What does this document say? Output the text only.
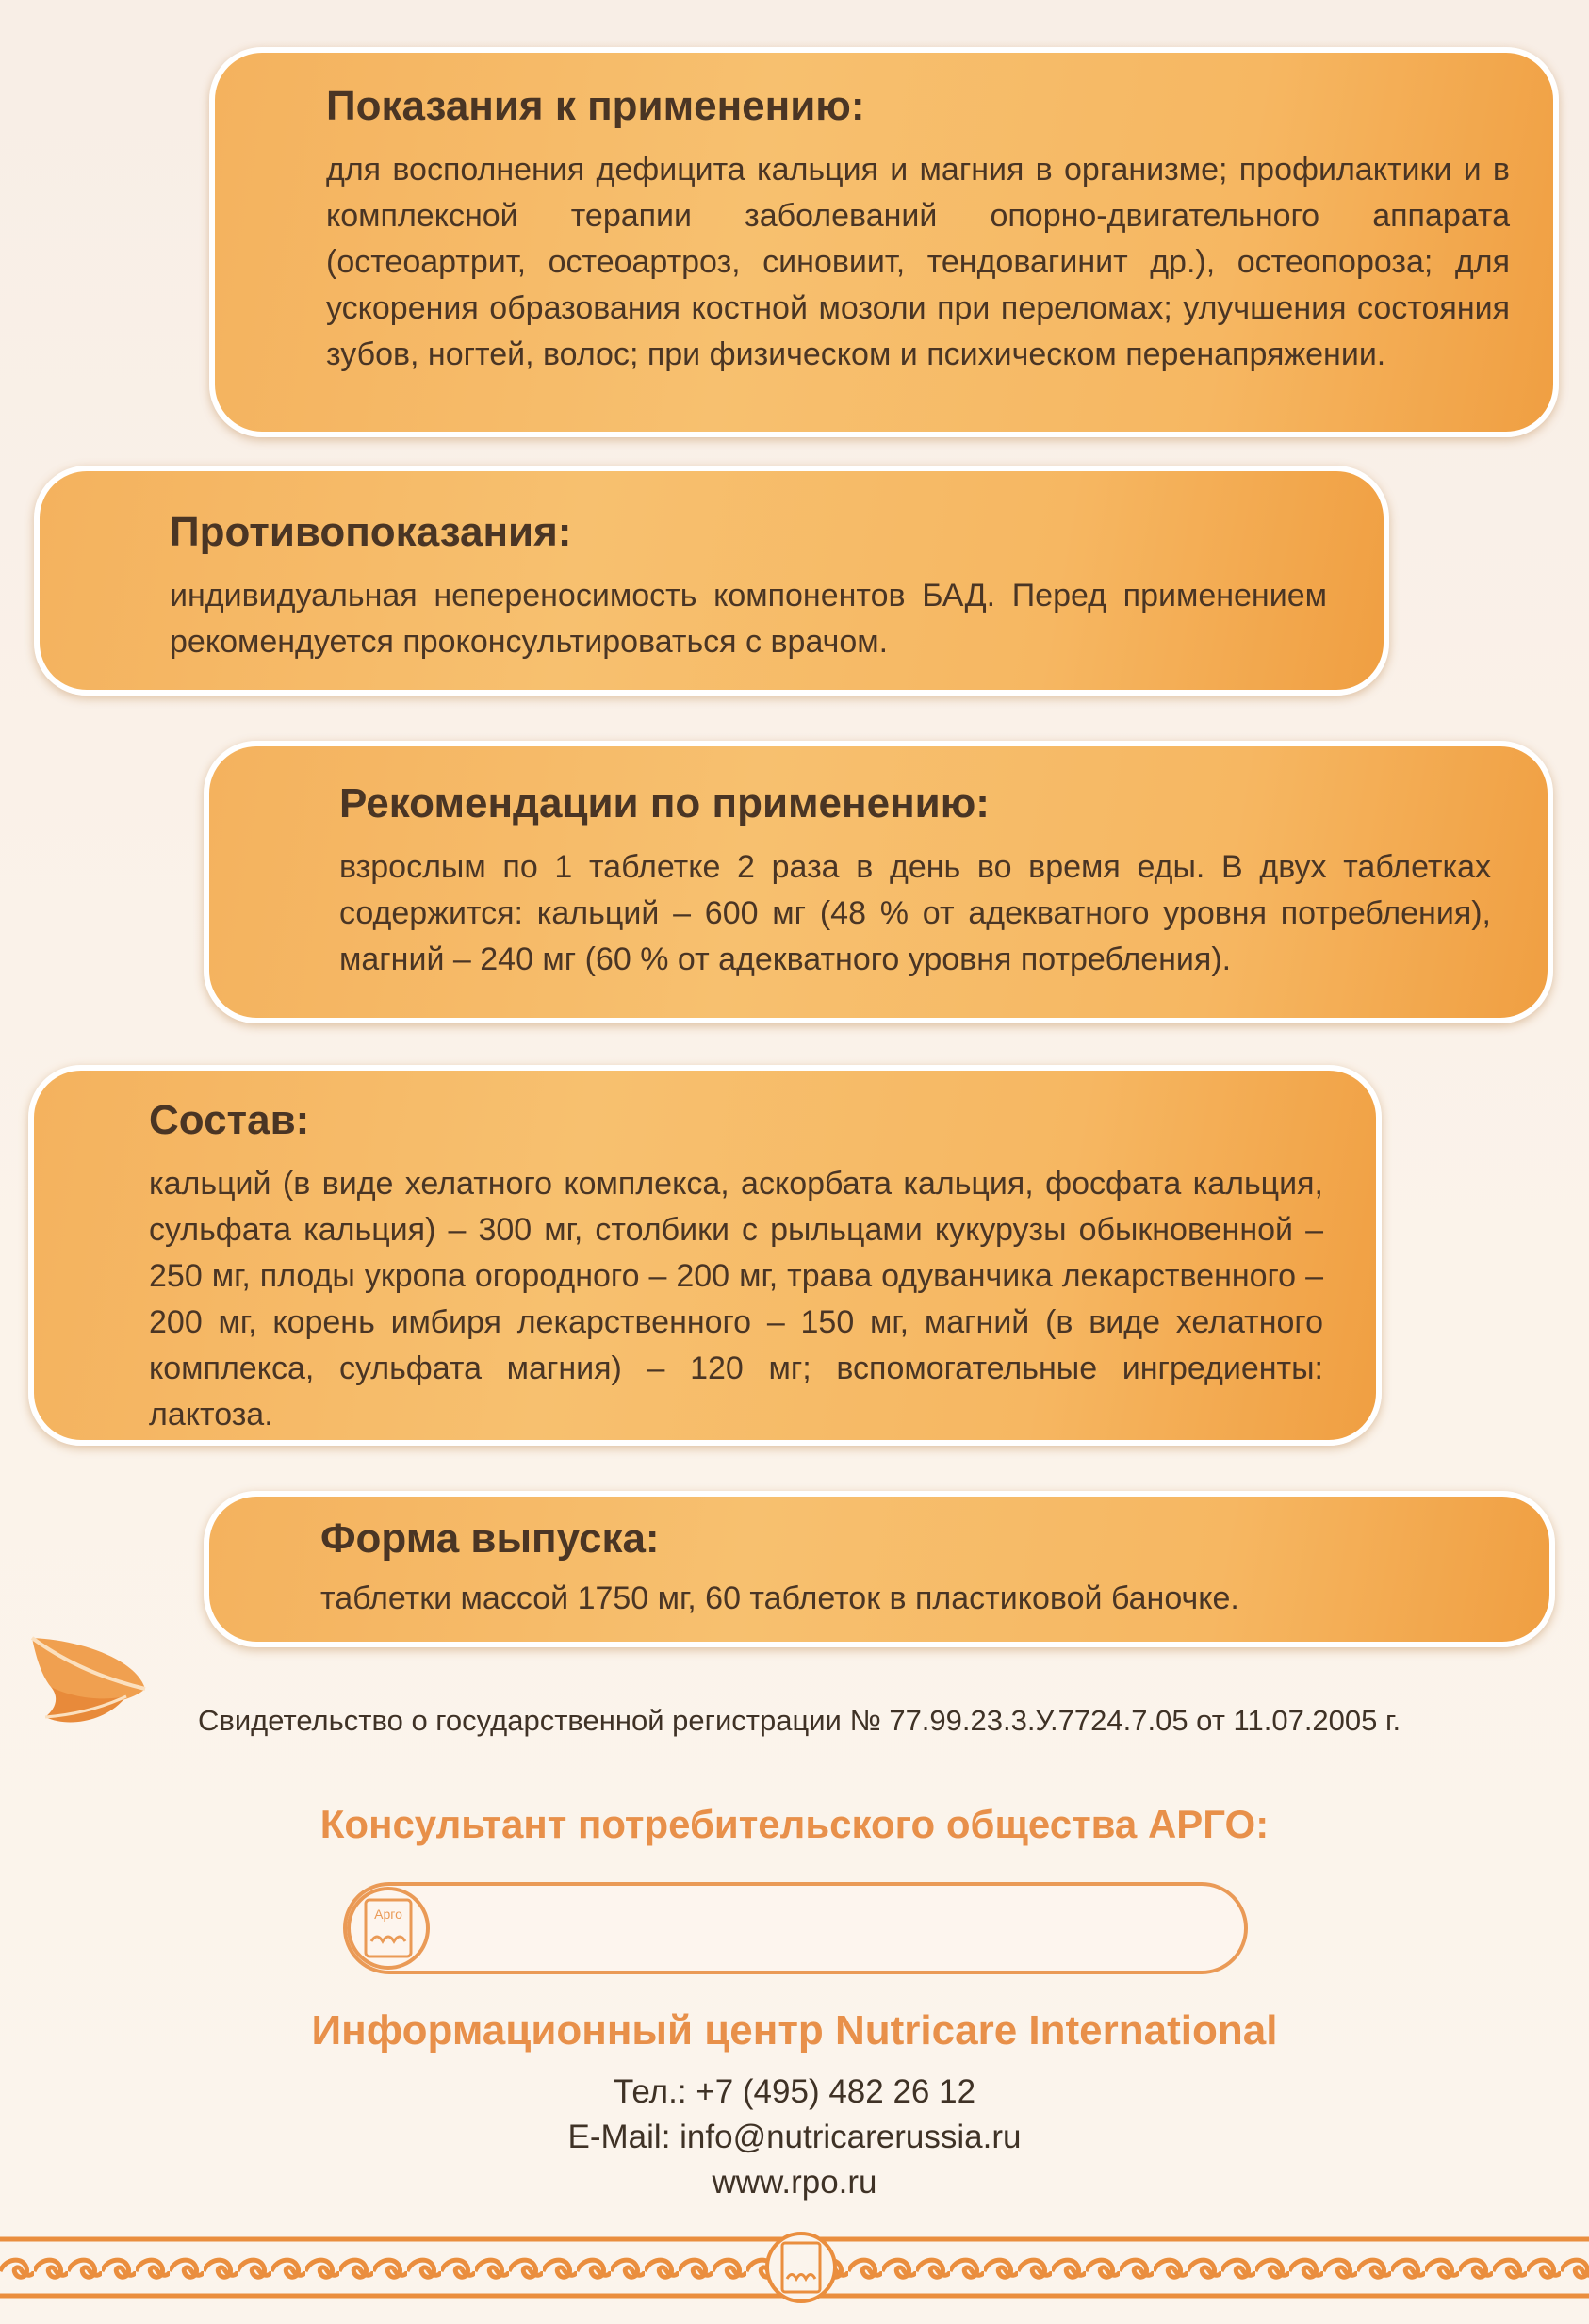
Показания к применению:

для восполнения дефицита кальция и магния в организме; профилактики и в комплексной терапии заболеваний опорно-двигательного аппарата (остеоартрит, остеоартроз, синовиит, тендовагинит др.), остеопороза; для ускорения образования костной мозоли при переломах; улучшения состояния зубов, ногтей, волос; при физическом и психическом перенапряжении.

Противопоказания:

индивидуальная непереносимость компонентов БАД. Перед применением рекомендуется проконсультироваться с врачом.

Рекомендации по применению:

взрослым по 1 таблетке 2 раза в день во время еды. В двух таблетках содержится: кальций – 600 мг (48 % от адекватного уровня потребления), магний – 240 мг (60 % от адекватного уровня потребления).

Состав:

кальций (в виде хелатного комплекса, аскорбата кальция, фосфата кальция, сульфата кальция) – 300 мг, столбики с рыльцами кукурузы обыкновенной – 250 мг, плоды укропа огородного – 200 мг, трава одуванчика лекарственного – 200 мг, корень имбиря лекарственного – 150 мг, магний (в виде хелатного комплекса, сульфата магния) – 120 мг; вспомогательные ингредиенты: лактоза.

Форма выпуска:

таблетки массой 1750 мг, 60 таблеток в пластиковой баночке.

Свидетельство о государственной регистрации № 77.99.23.3.У.7724.7.05 от 11.07.2005 г.
Консультант потребительского общества АРГО:
Арго
Информационный центр Nutricare International
Тел.: +7 (495) 482 26 12
E-Mail: info@nutricarerussia.ru
www.rpo.ru
